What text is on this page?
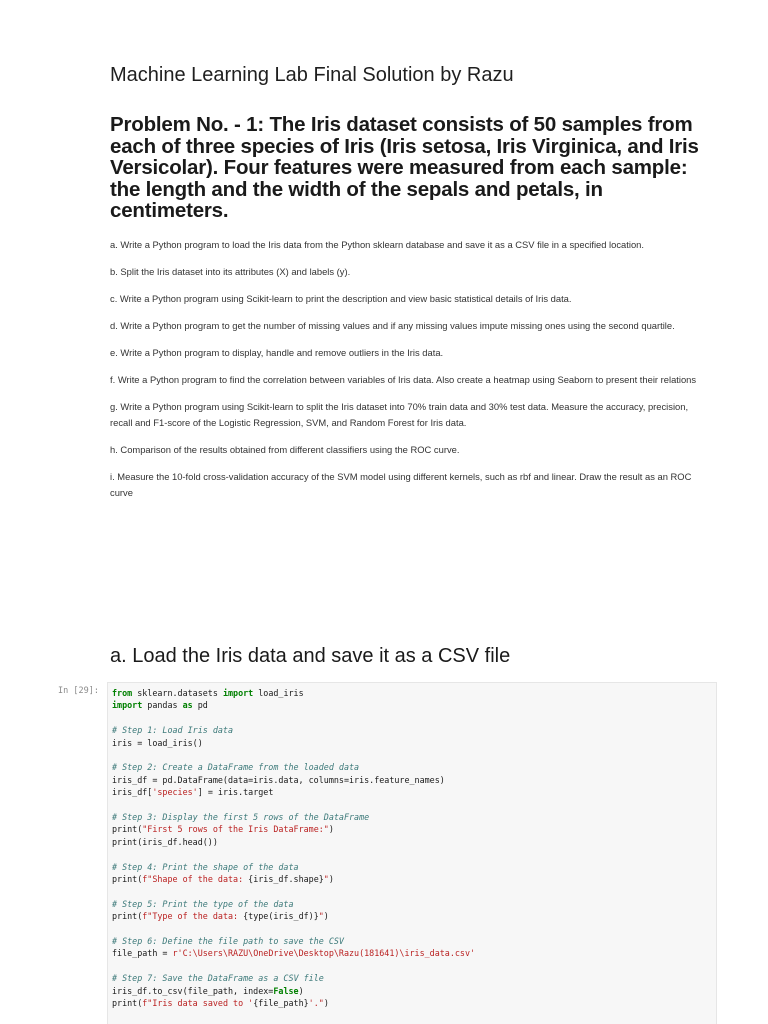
Machine Learning Lab Final Solution by Razu
Problem No. - 1: The Iris dataset consists of 50 samples from each of three species of Iris (Iris setosa, Iris Virginica, and Iris Versicolar). Four features were measured from each sample: the length and the width of the sepals and petals, in centimeters.
a. Write a Python program to load the Iris data from the Python sklearn database and save it as a CSV file in a specified location.
b. Split the Iris dataset into its attributes (X) and labels (y).
c. Write a Python program using Scikit-learn to print the description and view basic statistical details of Iris data.
d. Write a Python program to get the number of missing values and if any missing values impute missing ones using the second quartile.
e. Write a Python program to display, handle and remove outliers in the Iris data.
f. Write a Python program to find the correlation between variables of Iris data. Also create a heatmap using Seaborn to present their relations
g. Write a Python program using Scikit-learn to split the Iris dataset into 70% train data and 30% test data. Measure the accuracy, precision, recall and F1-score of the Logistic Regression, SVM, and Random Forest for Iris data.
h. Comparison of the results obtained from different classifiers using the ROC curve.
i. Measure the 10-fold cross-validation accuracy of the SVM model using different kernels, such as rbf and linear. Draw the result as an ROC curve
a. Load the Iris data and save it as a CSV file
In [29]: from sklearn.datasets import load_iris
import pandas as pd
# Step 1: Load Iris data
iris = load_iris()
# Step 2: Create a DataFrame from the loaded data
iris_df = pd.DataFrame(data=iris.data, columns=iris.feature_names)
iris_df['species'] = iris.target
# Step 3: Display the first 5 rows of the DataFrame
print("First 5 rows of the Iris DataFrame:")
print(iris_df.head())
# Step 4: Print the shape of the data
print(f"Shape of the data: {iris_df.shape}")
# Step 5: Print the type of the data
print(f"Type of the data: {type(iris_df)}")
# Step 6: Define the file path to save the CSV
file_path = r'C:\Users\RAZU\OneDrive\Desktop\Razu(181641)\iris_data.csv'
# Step 7: Save the DataFrame as a CSV file
iris_df.to_csv(file_path, index=False)
print(f"Iris data saved to '{file_path}'.")
